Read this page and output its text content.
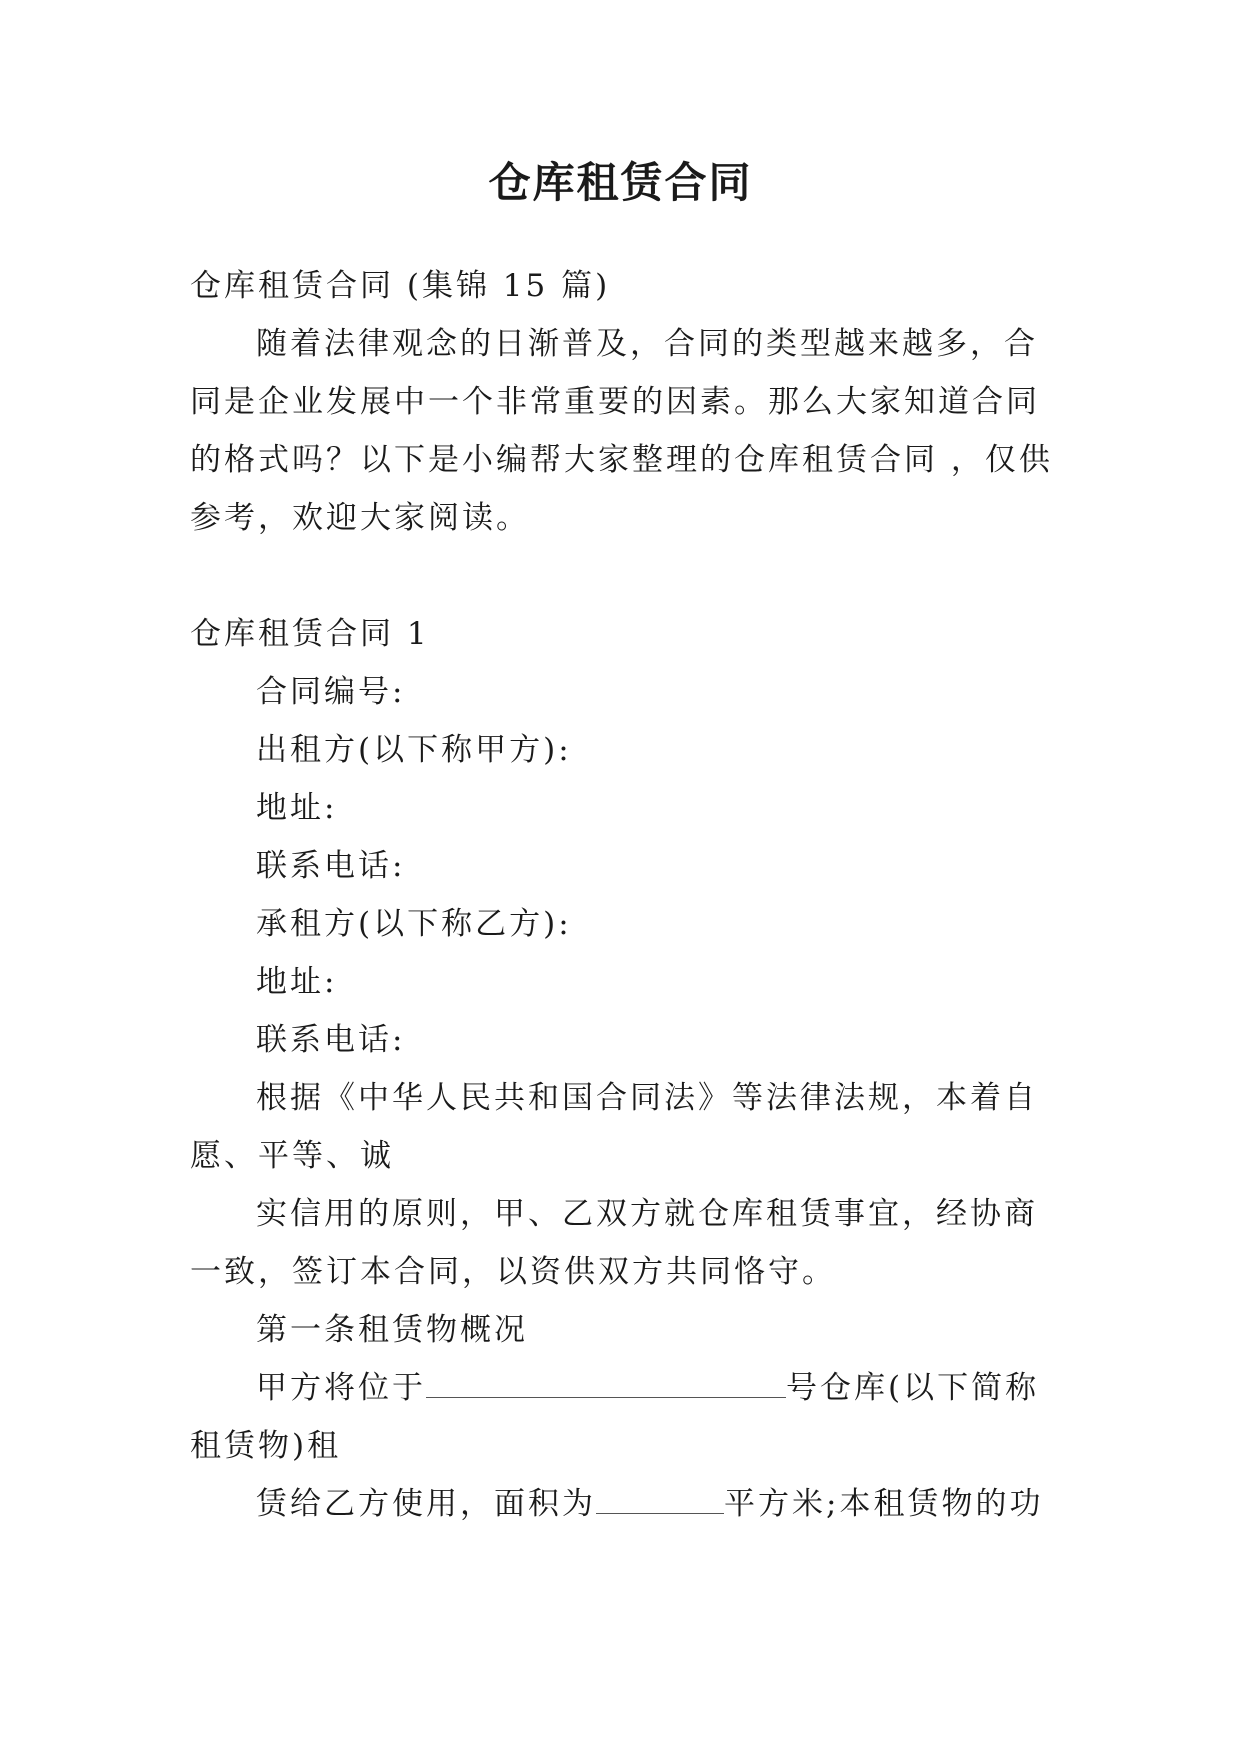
仓库租赁合同

仓库租赁合同 (集锦 15 篇)

随着法律观念的日渐普及，合同的类型越来越多，合同是企业发展中一个非常重要的因素。那么大家知道合同的格式吗？以下是小编帮大家整理的仓库租赁合同 ，仅供参考，欢迎大家阅读。

仓库租赁合同 1

合同编号:

出租方(以下称甲方):

地址:

联系电话:

承租方(以下称乙方):

地址:

联系电话:

根据《中华人民共和国合同法》等法律法规，本着自愿、平等、诚

实信用的原则，甲、乙双方就仓库租赁事宜，经协商一致，签订本合同，以资供双方共同恪守。

第一条租赁物概况

甲方将位于	号仓库(以下简称租赁物)租

赁给乙方使用，面积为	平方米;本租赁物的功
